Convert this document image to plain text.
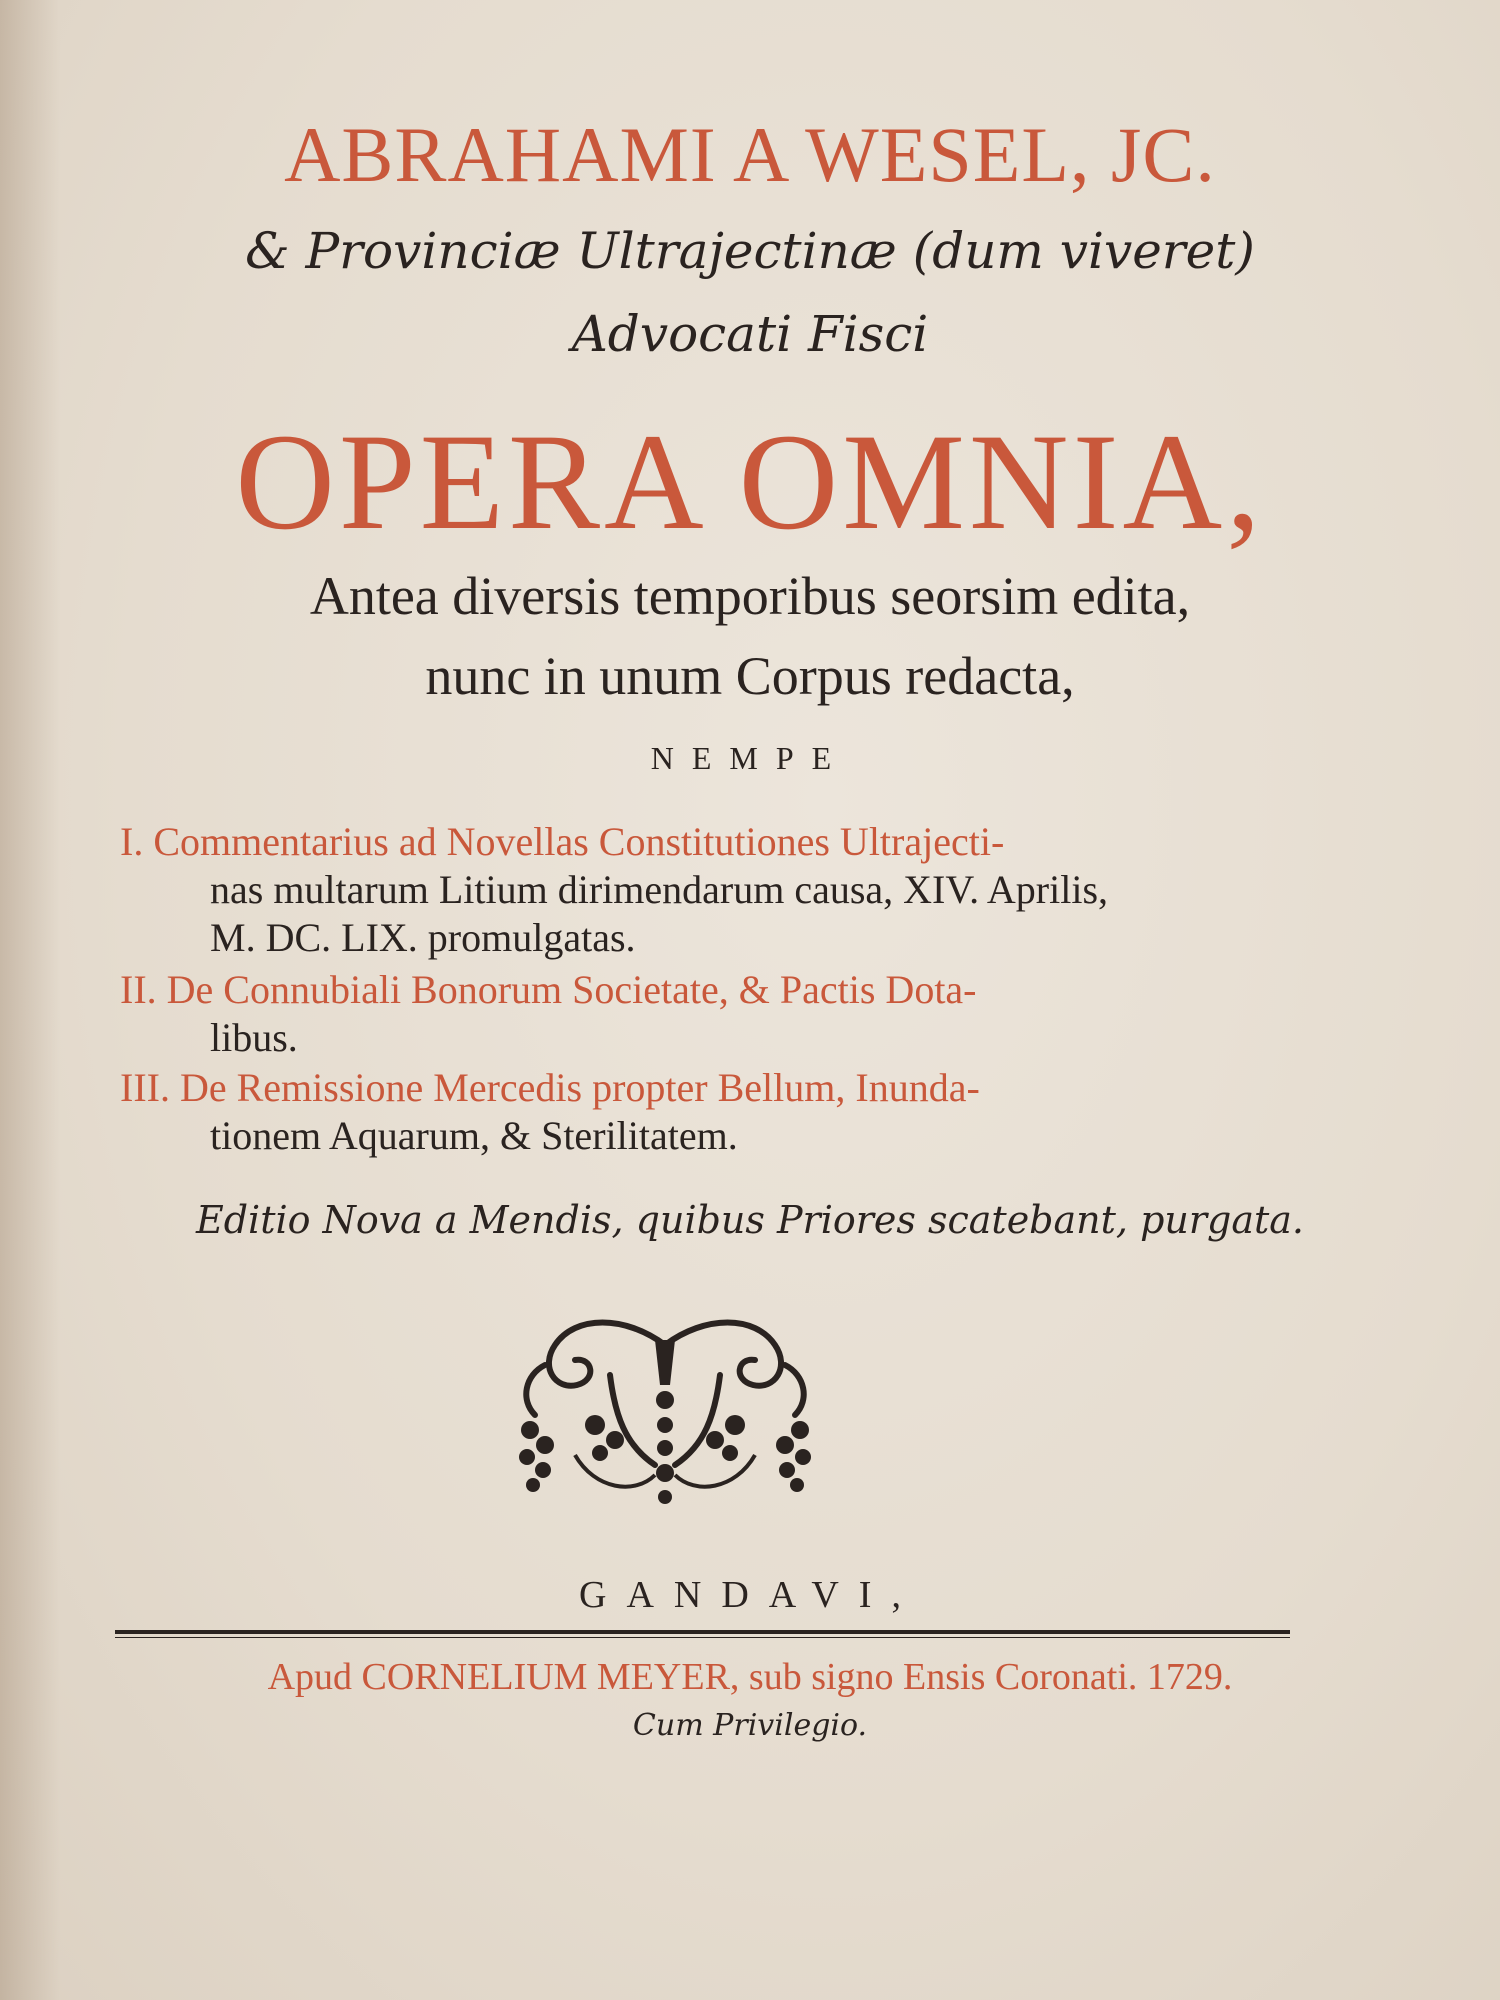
ABRAHAMI A WESEL, JC.
& Provinciæ Ultrajectinæ (dum viveret)
Advocati Fisci
OPERA OMNIA,
Antea diversis temporibus seorsim edita,
nunc in unum Corpus redacta,
NEMPE
I. Commentarius ad Novellas Constitutiones Ultrajecti-
nas multarum Litium dirimendarum causa, XIV. Aprilis,
M. DC. LIX. promulgatas.
II. De Connubiali Bonorum Societate, & Pactis Dota-
libus.
III. De Remissione Mercedis propter Bellum, Inunda-
tionem Aquarum, & Sterilitatem.
Editio Nova a Mendis, quibus Priores scatebant, purgata.
GANDAVI,
Apud CORNELIUM MEYER, sub signo Ensis Coronati. 1729.
Cum Privilegio.
